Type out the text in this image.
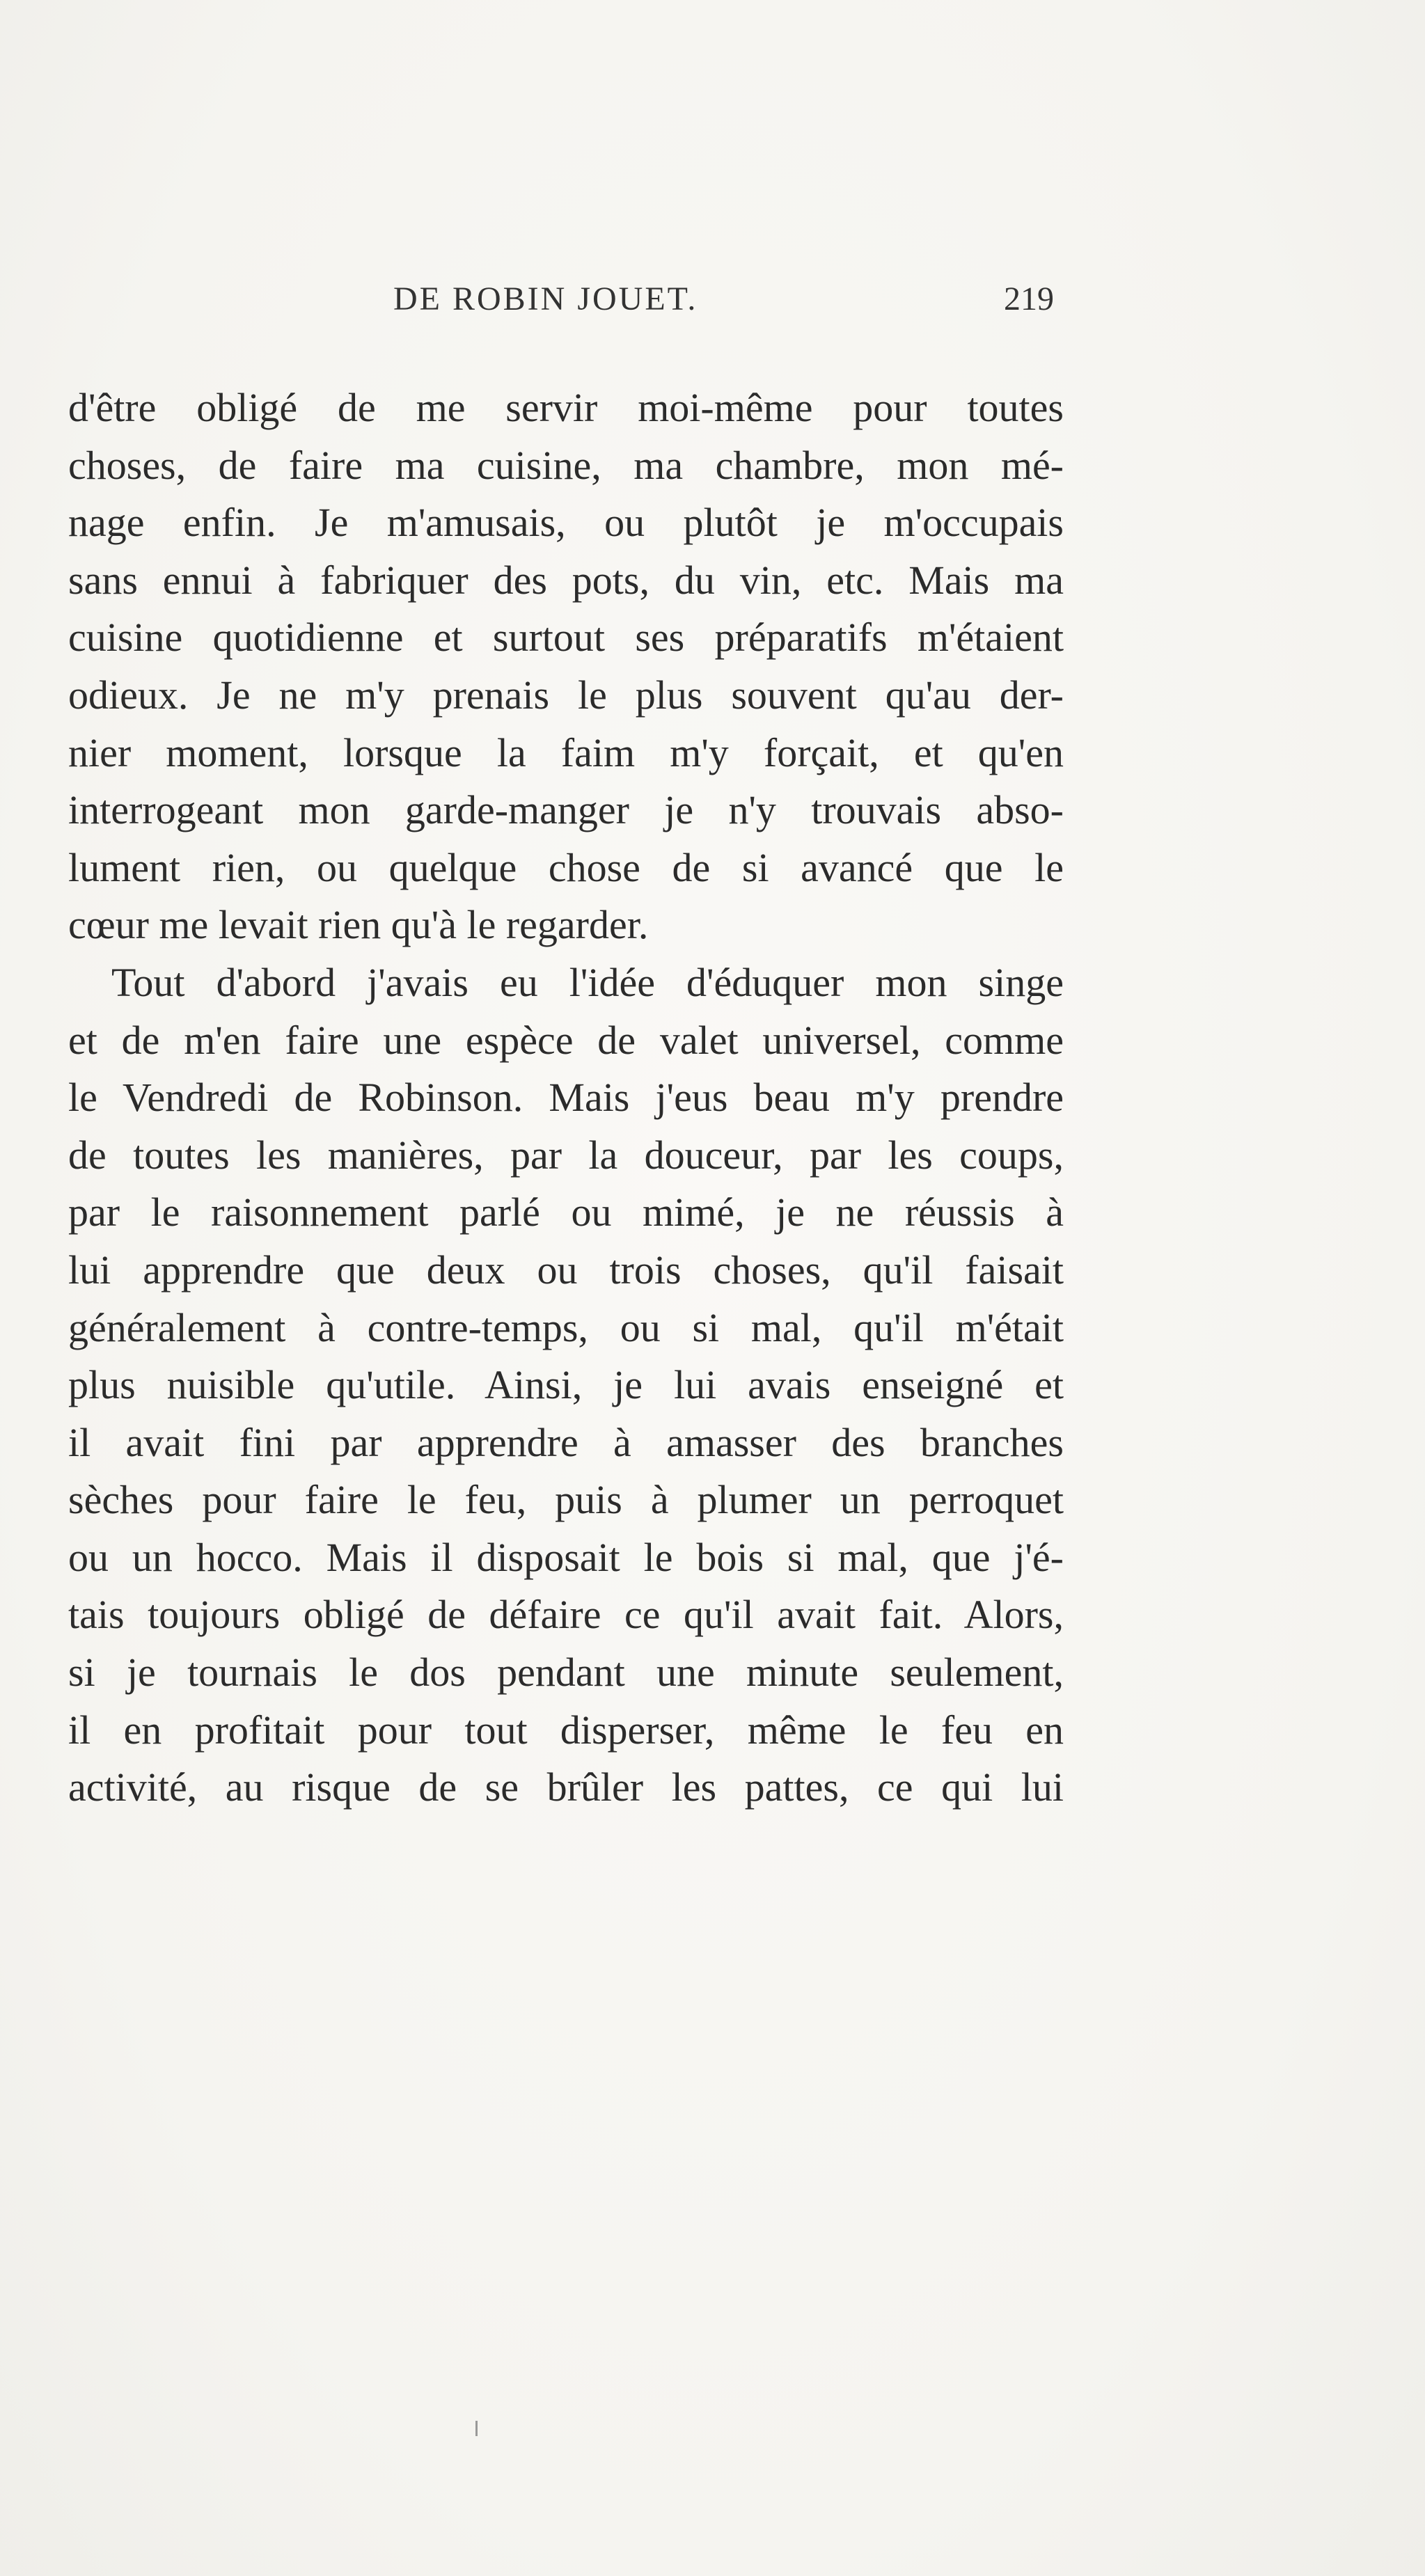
DE ROBIN JOUET.	219
d'être obligé de me servir moi-même pour toutes
choses, de faire ma cuisine, ma chambre, mon mé-
nage enfin. Je m'amusais, ou plutôt je m'occupais
sans ennui à fabriquer des pots, du vin, etc. Mais ma
cuisine quotidienne et surtout ses préparatifs m'étaient
odieux. Je ne m'y prenais le plus souvent qu'au der-
nier moment, lorsque la faim m'y forçait, et qu'en
interrogeant mon garde-manger je n'y trouvais abso-
lument rien, ou quelque chose de si avancé que le
cœur me levait rien qu'à le regarder.
Tout d'abord j'avais eu l'idée d'éduquer mon singe
et de m'en faire une espèce de valet universel, comme
le Vendredi de Robinson. Mais j'eus beau m'y prendre
de toutes les manières, par la douceur, par les coups,
par le raisonnement parlé ou mimé, je ne réussis à
lui apprendre que deux ou trois choses, qu'il faisait
généralement à contre-temps, ou si mal, qu'il m'était
plus nuisible qu'utile. Ainsi, je lui avais enseigné et
il avait fini par apprendre à amasser des branches
sèches pour faire le feu, puis à plumer un perroquet
ou un hocco. Mais il disposait le bois si mal, que j'é-
tais toujours obligé de défaire ce qu'il avait fait. Alors,
si je tournais le dos pendant une minute seulement,
il en profitait pour tout disperser, même le feu en
activité, au risque de se brûler les pattes, ce qui lui
